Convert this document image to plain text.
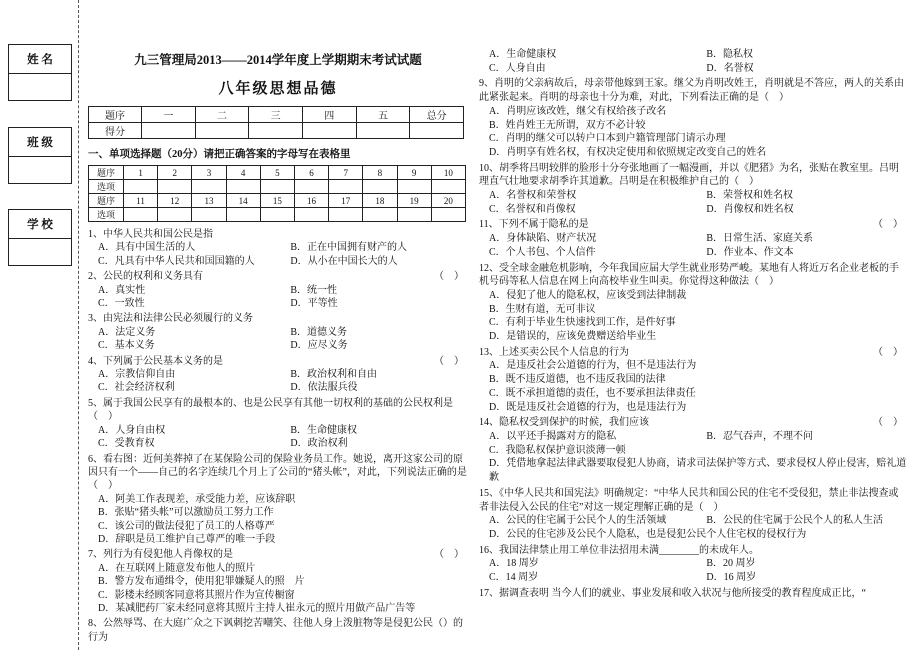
姓 名
班 级
学 校
九三管理局2013——2014学年度上学期期末考试试题
八年级思想品德
题序	一	二	三	四	五	总分
得分						
一、单项选择题（20分）请把正确答案的字母写在表格里
题序	1	2	3	4	5	6	7	8	9	10
选项										
题序	11	12	13	14	15	16	17	18	19	20
选项										
1、中华人民共和国公民是指
A．具有中国生活的人	B．正在中国拥有财产的人
C．凡具有中华人民共和国国籍的人	D．从小在中国长大的人
2、公民的权利和义务具有	（　）
A．真实性	B．统一性
C．一致性	D．平等性
3、由宪法和法律公民必须履行的义务
A．法定义务	B．道德义务
C．基本义务	D．应尽义务
4、下列属于公民基本义务的是	（　）
A．宗教信仰自由	B．政治权利和自由
C．社会经济权利	D．依法服兵役
5、属于我国公民享有的最根本的、也是公民享有其他一切权利的基础的公民权利是（　）
A．人身自由权	B．生命健康权
C．受教育权	D．政治权利
6、看右图：近何美葬掉了在某保险公司的保险业务员工作。她说，离开这家公司的原因只有一个——自己的名字连续几个月上了公司的“猪头帐”，对此，下列说法正确的是（　）
A．阿美工作表现差，承受能力差，应该辞职
B．张贴“猪头帐”可以激励员工努力工作
C．该公司的做法侵犯了员工的人格尊严
D．辞职是员工维护自己尊严的唯一手段
7、列行为有侵犯他人肖像权的是	（　）
A．在互联网上随意发布他人的照片
B．警方发布通缉令，使用犯罪嫌疑人的照　片
C．影楼未经顾客同意将其照片作为宣传橱窗
D．某减肥药厂家未经同意将其照片主持人崔永元的照片用做产品广告等
8、公然辱骂、在大庭广众之下讽刺挖苦嘲笑、往他人身上泼脏物等是侵犯公民（）的行为
A．生命健康权	B．隐私权
C．人身自由	D．名誉权
9、肖明的父亲病故后，母亲带他嫁到王家。继父为肖明改姓王，肖明就是不答应，两人的关系由此紧张起来。肖明的母亲也十分为难，对此，下列看法正确的是（　）
A．肖明应该改姓，继父有权给孩子改名
B．姓肖姓王无所谓，双方不必计较
C．肖明的继父可以转户口本到户籍管理部门请示办理
D．肖明享有姓名权，有权决定使用和依照规定改变自己的姓名
10、胡季将吕明较胖的脸形十分夸张地画了一幅漫画，并以《肥猪》为名，张贴在教室里。吕明理直气壮地要求胡季许其道歉。吕明是在积极维护自己的（　）
A．名誉权和荣誉权	B．荣誉权和姓名权
C．名誉权和肖像权	D．肖像权和姓名权
11、下列不属于隐私的是	（　）
A．身体缺陷、财产状况	B．日常生活、家庭关系
C．个人书包、个人信件	D．作业本、作文本
12、受全球金融危机影响，今年我国应届大学生就业形势严峻。某地有人将近万名企业老板的手机号码等私人信息在网上向高校毕业生叫卖。你觉得这种做法（　）
A．侵犯了他人的隐私权，应该受到法律制裁
B．生财有道，无可非议
C．有利于毕业生快速找到工作，是件好事
D．是错误的，应该免费赠送给毕业生
13、上述买卖公民个人信息的行为	（　）
A．是违反社会公道德的行为，但不是违法行为
B．既不违反道德，也不违反我国的法律
C．既不承担道德的责任，也不要承担法律责任
D．既是违反社会道德的行为，也是违法行为
14、隐私权受到保护的时候，我们应该	（　）
A．以平还手揭露对方的隐私	B．忍气吞声，不理不问
C．我隐私权保护意识淡薄一顿
D．凭借地拿起法律武器要取侵犯人协商，请求司法保护等方式、要求侵权人停止侵害，赔礼道歉
15、《中华人民共和国宪法》明确规定：“中华人民共和国公民的住宅不受侵犯，禁止非法搜查或者非法侵入公民的住宅”对这一规定理解正确的是（　）
A．公民的住宅属于公民个人的生活领域	B．公民的住宅属于公民个人的私人生活
D．公民的住宅涉及公民个人隐私，也是侵犯公民个人住宅权的侵权行为
16、我国法律禁止用工单位非法招用未满________的未成年人。
A．18 周岁	B．20 周岁
C．14 周岁	D．16 周岁
17、据调查表明 当今人们的就业、事业发展和收入状况与他所接受的教育程度成正比，“
